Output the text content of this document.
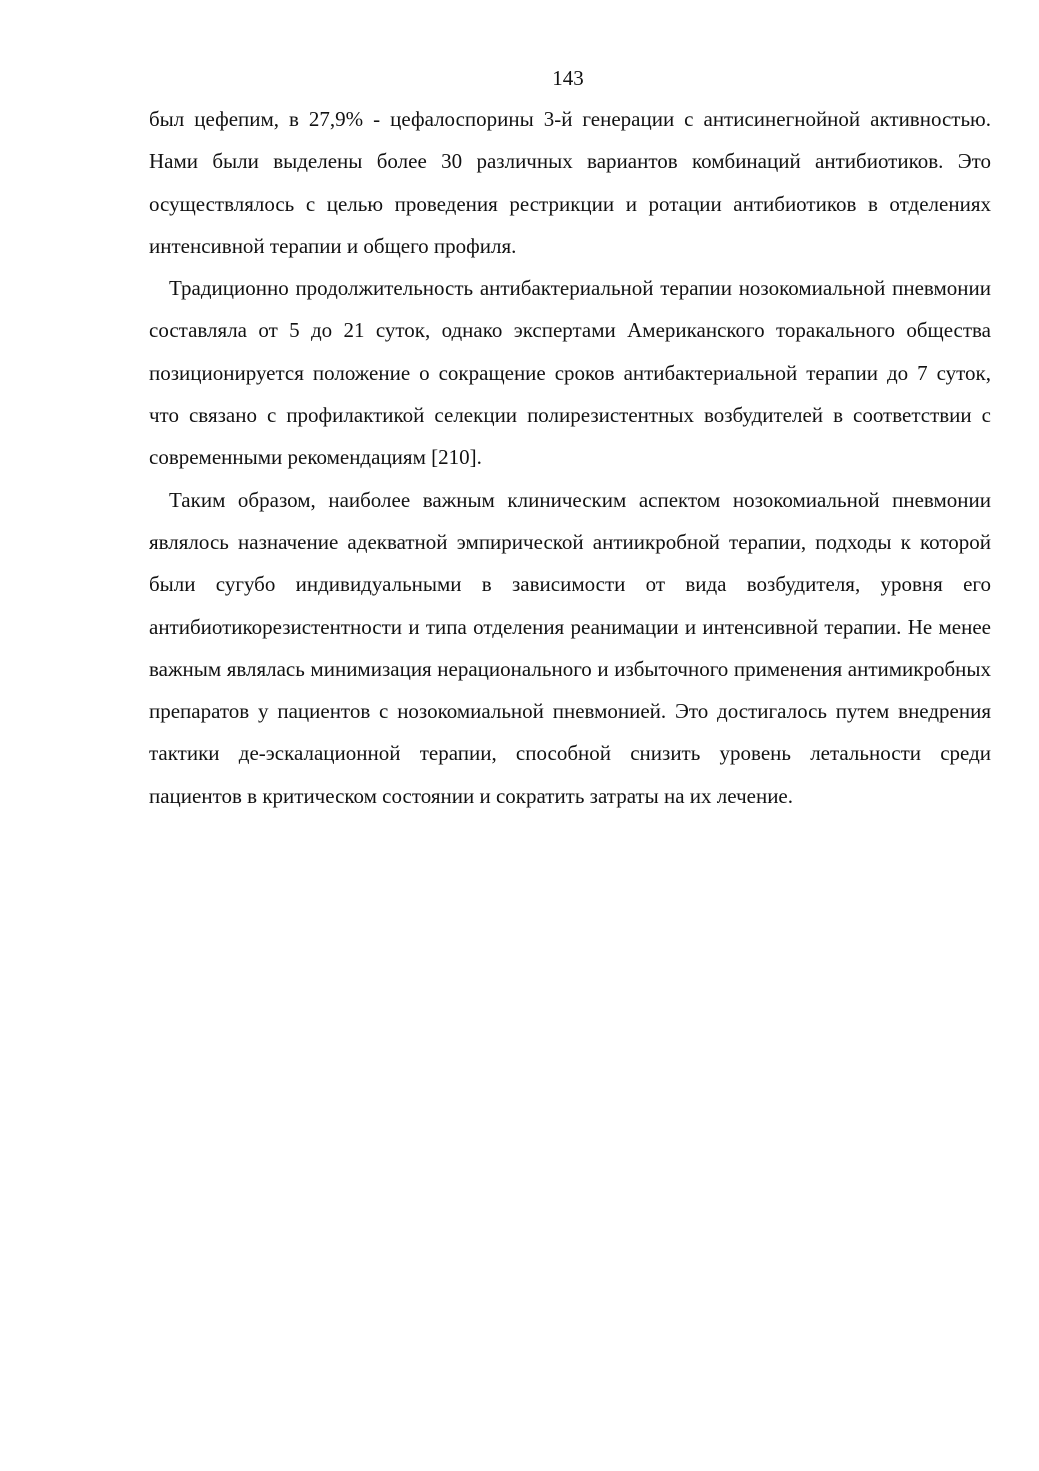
143

был цефепим, в 27,9% - цефалоспорины 3-й генерации с антисинегнойной активностью. Нами были выделены более 30 различных вариантов комбинаций антибиотиков. Это осуществлялось с целью проведения рестрикции и ротации антибиотиков в отделениях интенсивной терапии и общего профиля.

Традиционно продолжительность антибактериальной терапии нозокомиальной пневмонии составляла от 5 до 21 суток, однако экспертами Американского торакального общества позиционируется положение о сокращение сроков антибактериальной терапии до 7 суток, что связано с профилактикой селекции полирезистентных возбудителей в соответствии с современными рекомендациям [210].

Таким образом, наиболее важным клиническим аспектом нозокомиальной пневмонии являлось назначение адекватной эмпирической антиикробной терапии, подходы к которой были сугубо индивидуальными в зависимости от вида возбудителя, уровня его антибиотикорезистентности и типа отделения реанимации и интенсивной терапии. Не менее важным являлась минимизация нерационального и избыточного применения антимикробных препаратов у пациентов с нозокомиальной пневмонией. Это достигалось путем внедрения тактики де-эскалационной терапии, способной снизить уровень летальности среди пациентов в критическом состоянии и сократить затраты на их лечение.
